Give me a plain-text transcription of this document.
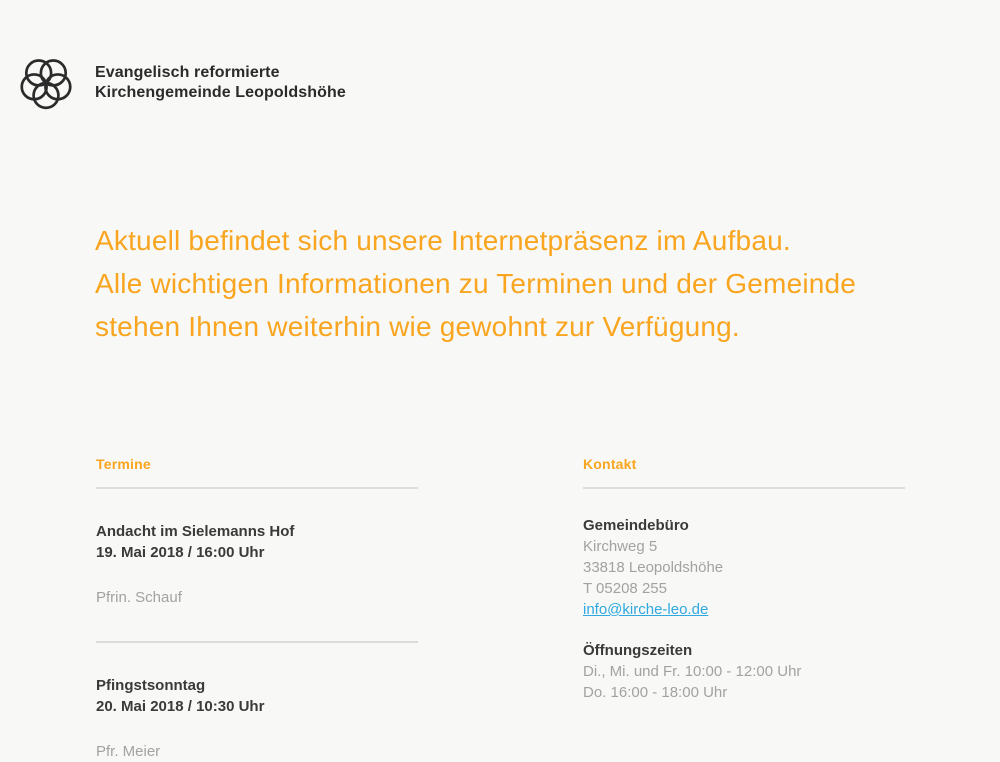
Evangelisch reformierte
Kirchengemeinde Leopoldshöhe
Aktuell befindet sich unsere Internetpräsenz im Aufbau.
Alle wichtigen Informationen zu Terminen und der Gemeinde
stehen Ihnen weiterhin wie gewohnt zur Verfügung.
Termine
Andacht im Sielemanns Hof
19. Mai 2018 / 16:00 Uhr
Pfrin. Schauf
Pfingstsonntag
20. Mai 2018 / 10:30 Uhr
Pfr. Meier
Kontakt
Gemeindebüro
Kirchweg 5
33818 Leopoldshöhe
T 05208 255
info@kirche-leo.de
Öffnungszeiten
Di., Mi. und Fr. 10:00 - 12:00 Uhr
Do. 16:00 - 18:00 Uhr
